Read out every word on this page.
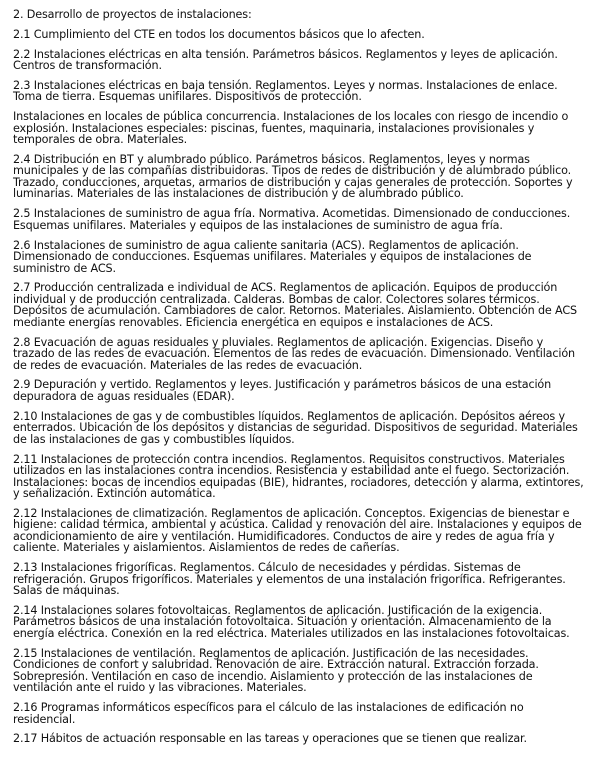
2. Desarrollo de proyectos de instalaciones:

2.1 Cumplimiento del CTE en todos los documentos básicos que lo afecten.

2.2 Instalaciones eléctricas en alta tensión. Parámetros básicos. Reglamentos y leyes de aplicación. Centros de transformación.

2.3 Instalaciones eléctricas en baja tensión. Reglamentos. Leyes y normas. Instalaciones de enlace. Toma de tierra. Esquemas unifilares. Dispositivos de protección.

Instalaciones en locales de pública concurrencia. Instalaciones de los locales con riesgo de incendio o explosión. Instalaciones especiales: piscinas, fuentes, maquinaria, instalaciones provisionales y temporales de obra. Materiales.

2.4 Distribución en BT y alumbrado público. Parámetros básicos. Reglamentos, leyes y normas municipales y de las compañías distribuidoras. Tipos de redes de distribución y de alumbrado público. Trazado, conducciones, arquetas, armarios de distribución y cajas generales de protección. Soportes y luminarias. Materiales de las instalaciones de distribución y de alumbrado público.

2.5 Instalaciones de suministro de agua fría. Normativa. Acometidas. Dimensionado de conducciones. Esquemas unifilares. Materiales y equipos de las instalaciones de suministro de agua fría.

2.6 Instalaciones de suministro de agua caliente sanitaria (ACS). Reglamentos de aplicación. Dimensionado de conducciones. Esquemas unifilares. Materiales y equipos de instalaciones de suministro de ACS.

2.7 Producción centralizada e individual de ACS. Reglamentos de aplicación. Equipos de producción individual y de producción centralizada. Calderas. Bombas de calor. Colectores solares térmicos. Depósitos de acumulación. Cambiadores de calor. Retornos. Materiales. Aislamiento. Obtención de ACS mediante energías renovables. Eficiencia energética en equipos e instalaciones de ACS.

2.8 Evacuación de aguas residuales y pluviales. Reglamentos de aplicación. Exigencias. Diseño y trazado de las redes de evacuación. Elementos de las redes de evacuación. Dimensionado. Ventilación de redes de evacuación. Materiales de las redes de evacuación.

2.9 Depuración y vertido. Reglamentos y leyes. Justificación y parámetros básicos de una estación depuradora de aguas residuales (EDAR).

2.10 Instalaciones de gas y de combustibles líquidos. Reglamentos de aplicación. Depósitos aéreos y enterrados. Ubicación de los depósitos y distancias de seguridad. Dispositivos de seguridad. Materiales de las instalaciones de gas y combustibles líquidos.

2.11 Instalaciones de protección contra incendios. Reglamentos. Requisitos constructivos. Materiales utilizados en las instalaciones contra incendios. Resistencia y estabilidad ante el fuego. Sectorización. Instalaciones: bocas de incendios equipadas (BIE), hidrantes, rociadores, detección y alarma, extintores, y señalización. Extinción automática.

2.12 Instalaciones de climatización. Reglamentos de aplicación. Conceptos. Exigencias de bienestar e higiene: calidad térmica, ambiental y acústica. Calidad y renovación del aire. Instalaciones y equipos de acondicionamiento de aire y ventilación. Humidificadores. Conductos de aire y redes de agua fría y caliente. Materiales y aislamientos. Aislamientos de redes de cañerías.

2.13 Instalaciones frigoríficas. Reglamentos. Cálculo de necesidades y pérdidas. Sistemas de refrigeración. Grupos frigoríficos. Materiales y elementos de una instalación frigorífica. Refrigerantes. Salas de máquinas.

2.14 Instalaciones solares fotovoltaicas. Reglamentos de aplicación. Justificación de la exigencia. Parámetros básicos de una instalación fotovoltaica. Situación y orientación. Almacenamiento de la energía eléctrica. Conexión en la red eléctrica. Materiales utilizados en las instalaciones fotovoltaicas.

2.15 Instalaciones de ventilación. Reglamentos de aplicación. Justificación de las necesidades. Condiciones de confort y salubridad. Renovación de aire. Extracción natural. Extracción forzada. Sobrepresión. Ventilación en caso de incendio. Aislamiento y protección de las instalaciones de ventilación ante el ruido y las vibraciones. Materiales.

2.16 Programas informáticos específicos para el cálculo de las instalaciones de edificación no residencial.

2.17 Hábitos de actuación responsable en las tareas y operaciones que se tienen que realizar.
